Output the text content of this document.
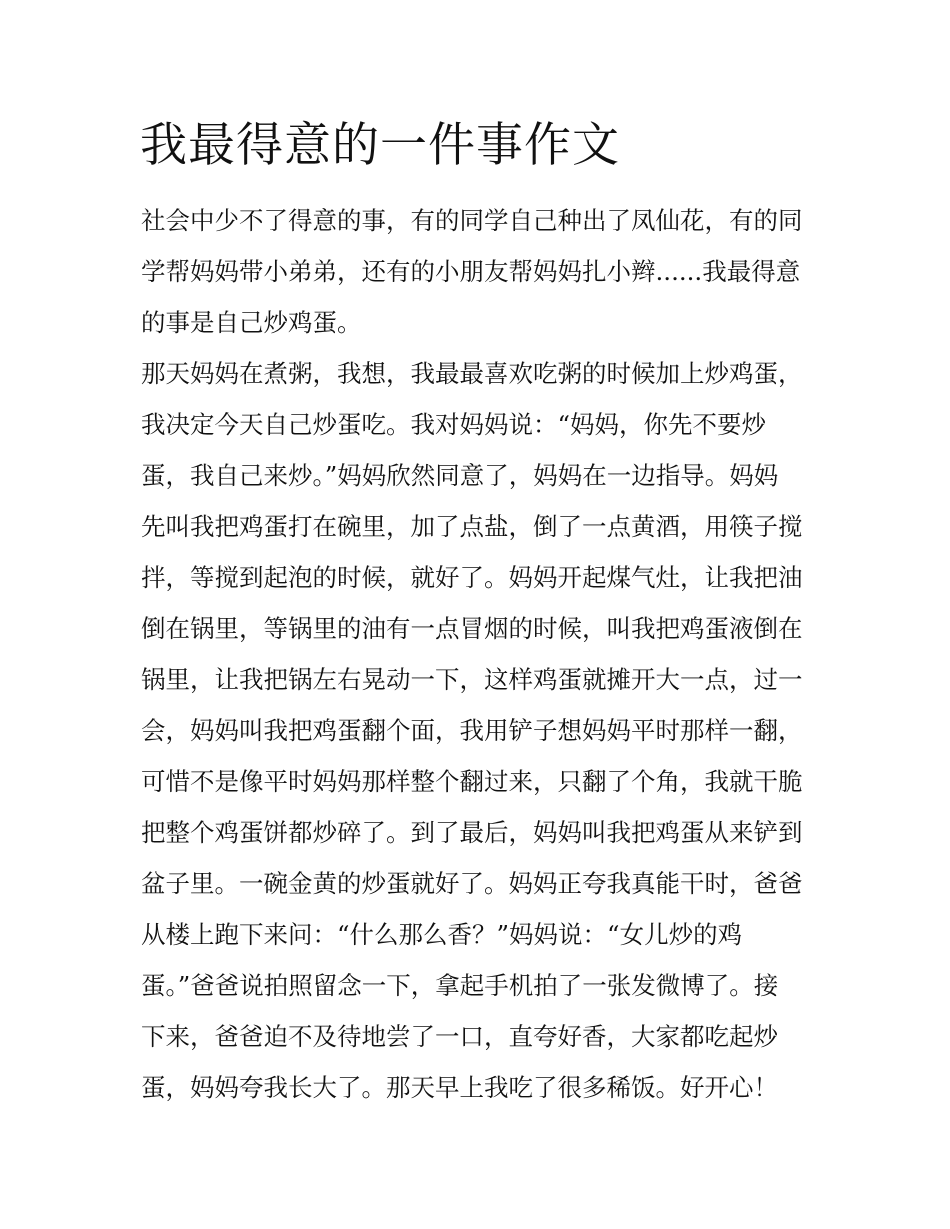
我最得意的一件事作文

社会中少不了得意的事，有的同学自己种出了凤仙花，有的同

学帮妈妈带小弟弟，还有的小朋友帮妈妈扎小辫......我最得意

的事是自己炒鸡蛋。

那天妈妈在煮粥，我想，我最最喜欢吃粥的时候加上炒鸡蛋，

我决定今天自己炒蛋吃。我对妈妈说：“妈妈，你先不要炒

蛋，我自己来炒。”妈妈欣然同意了，妈妈在一边指导。妈妈

先叫我把鸡蛋打在碗里，加了点盐，倒了一点黄酒，用筷子搅

拌，等搅到起泡的时候，就好了。妈妈开起煤气灶，让我把油

倒在锅里，等锅里的油有一点冒烟的时候，叫我把鸡蛋液倒在

锅里，让我把锅左右晃动一下，这样鸡蛋就摊开大一点，过一

会，妈妈叫我把鸡蛋翻个面，我用铲子想妈妈平时那样一翻，

可惜不是像平时妈妈那样整个翻过来，只翻了个角，我就干脆

把整个鸡蛋饼都炒碎了。到了最后，妈妈叫我把鸡蛋从来铲到

盆子里。一碗金黄的炒蛋就好了。妈妈正夸我真能干时，爸爸

从楼上跑下来问：“什么那么香？”妈妈说：“女儿炒的鸡

蛋。”爸爸说拍照留念一下，拿起手机拍了一张发微博了。接

下来，爸爸迫不及待地尝了一口，直夸好香，大家都吃起炒

蛋，妈妈夸我长大了。那天早上我吃了很多稀饭。好开心！
